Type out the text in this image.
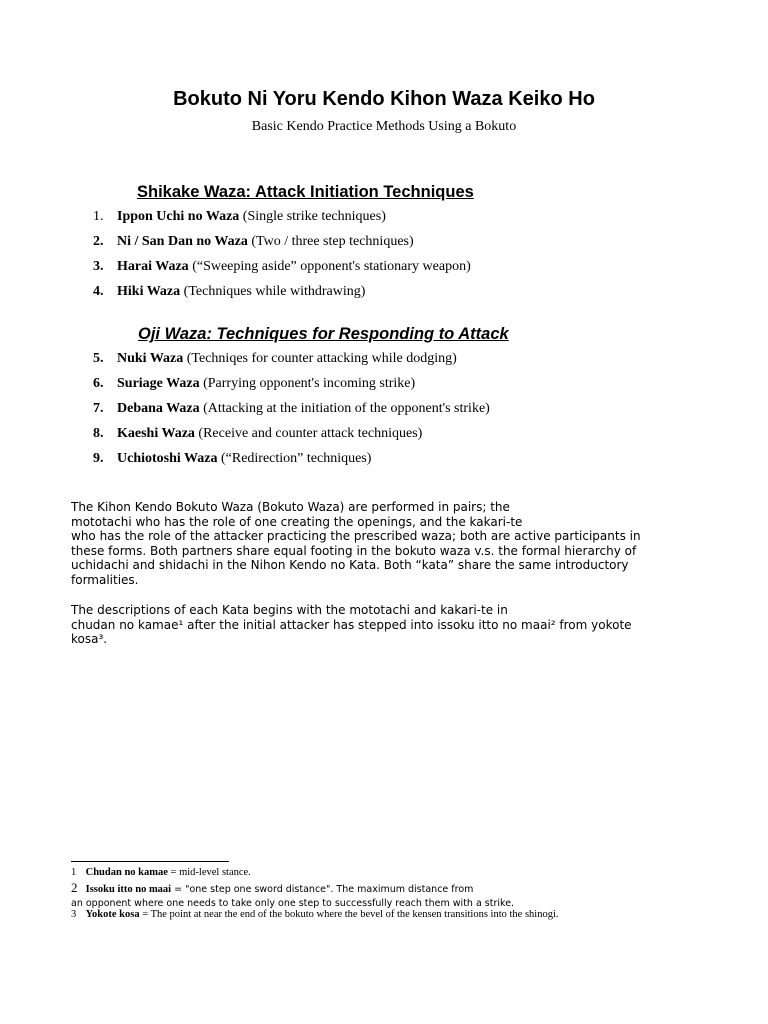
Bokuto Ni Yoru Kendo Kihon Waza Keiko Ho

Basic Kendo Practice Methods Using a Bokuto

Shikake Waza: Attack Initiation Techniques
1. Ippon Uchi no Waza (Single strike techniques)
2. Ni / San Dan no Waza (Two / three step techniques)
3. Harai Waza (“Sweeping aside” opponent's stationary weapon)
4. Hiki Waza (Techniques while withdrawing)
Oji Waza: Techniques for Responding to Attack
5. Nuki Waza (Techniqes for counter attacking while dodging)
6. Suriage Waza (Parrying opponent's incoming strike)
7. Debana Waza (Attacking at the initiation of the opponent's strike)
8. Kaeshi Waza (Receive and counter attack techniques)
9. Uchiotoshi Waza (“Redirection” techniques)
The Kihon Kendo Bokuto Waza (Bokuto Waza) are performed in pairs; the
mototachi who has the role of one creating the openings, and the kakari-te
who has the role of the attacker practicing the prescribed waza; both are active participants in
these forms. Both partners share equal footing in the bokuto waza v.s. the formal hierarchy of
uchidachi and shidachi in the Nihon Kendo no Kata. Both “kata” share the same introductory
formalities.
The descriptions of each Kata begins with the mototachi and kakari-te in
chudan no kamae¹ after the initial attacker has stepped into issoku itto no maai² from yokote
kosa³.
1 Chudan no kamae = mid-level stance.
2 Issoku itto no maai = "one step one sword distance". The maximum distance from
an opponent where one needs to take only one step to successfully reach them with a strike.
3 Yokote kosa = The point at near the end of the bokuto where the bevel of the kensen transitions into the shinogi.
